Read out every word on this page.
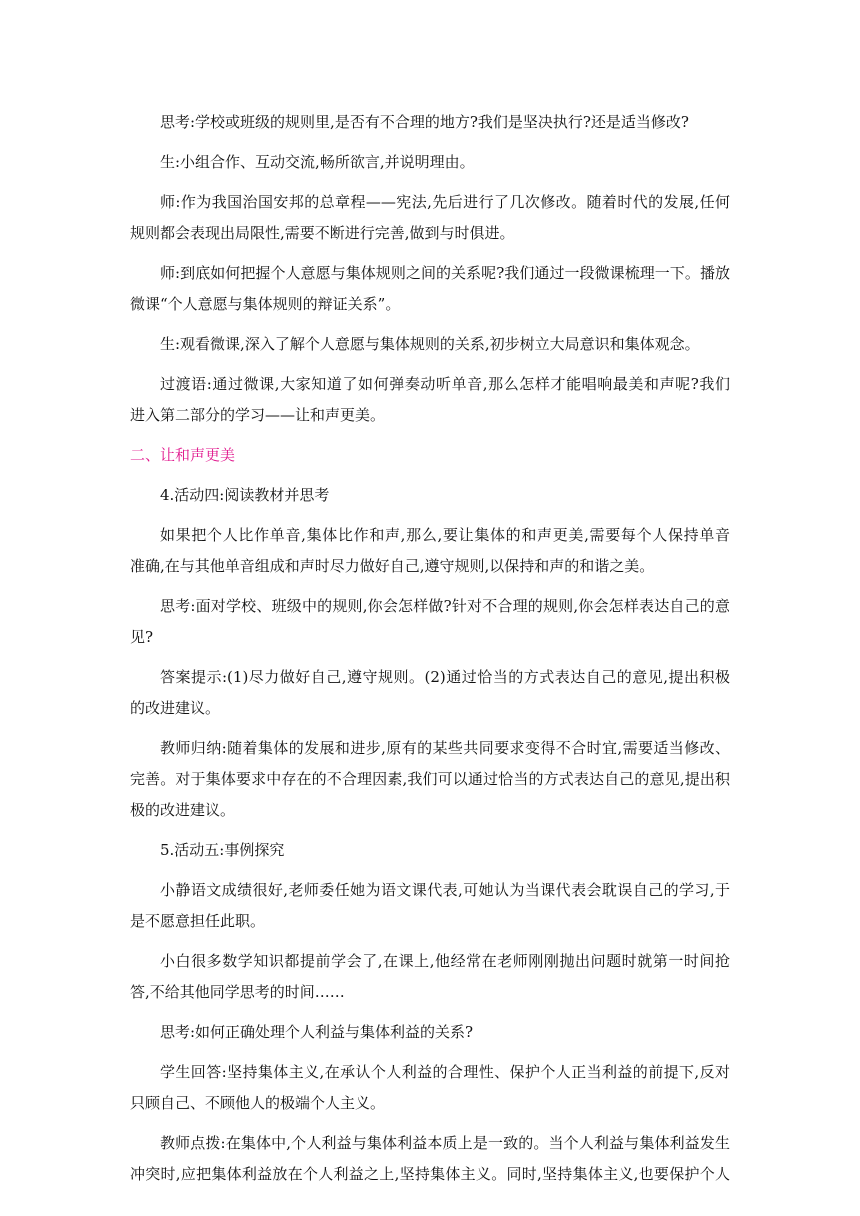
思考:学校或班级的规则里,是否有不合理的地方?我们是坚决执行?还是适当修改?
生:小组合作、互动交流,畅所欲言,并说明理由。
师:作为我国治国安邦的总章程——宪法,先后进行了几次修改。随着时代的发展,任何
规则都会表现出局限性,需要不断进行完善,做到与时俱进。
师:到底如何把握个人意愿与集体规则之间的关系呢?我们通过一段微课梳理一下。播放
微课“个人意愿与集体规则的辩证关系”。
生:观看微课,深入了解个人意愿与集体规则的关系,初步树立大局意识和集体观念。
过渡语:通过微课,大家知道了如何弹奏动听单音,那么怎样才能唱响最美和声呢?我们
进入第二部分的学习——让和声更美。
二、让和声更美
4.活动四:阅读教材并思考
如果把个人比作单音,集体比作和声,那么,要让集体的和声更美,需要每个人保持单音
准确,在与其他单音组成和声时尽力做好自己,遵守规则,以保持和声的和谐之美。
思考:面对学校、班级中的规则,你会怎样做?针对不合理的规则,你会怎样表达自己的意
见?
答案提示:(1)尽力做好自己,遵守规则。(2)通过恰当的方式表达自己的意见,提出积极
的改进建议。
教师归纳:随着集体的发展和进步,原有的某些共同要求变得不合时宜,需要适当修改、
完善。对于集体要求中存在的不合理因素,我们可以通过恰当的方式表达自己的意见,提出积
极的改进建议。
5.活动五:事例探究
小静语文成绩很好,老师委任她为语文课代表,可她认为当课代表会耽误自己的学习,于
是不愿意担任此职。
小白很多数学知识都提前学会了,在课上,他经常在老师刚刚抛出问题时就第一时间抢
答,不给其他同学思考的时间……
思考:如何正确处理个人利益与集体利益的关系?
学生回答:坚持集体主义,在承认个人利益的合理性、保护个人正当利益的前提下,反对
只顾自己、不顾他人的极端个人主义。
教师点拨:在集体中,个人利益与集体利益本质上是一致的。当个人利益与集体利益发生
冲突时,应把集体利益放在个人利益之上,坚持集体主义。同时,坚持集体主义,也要保护个人
